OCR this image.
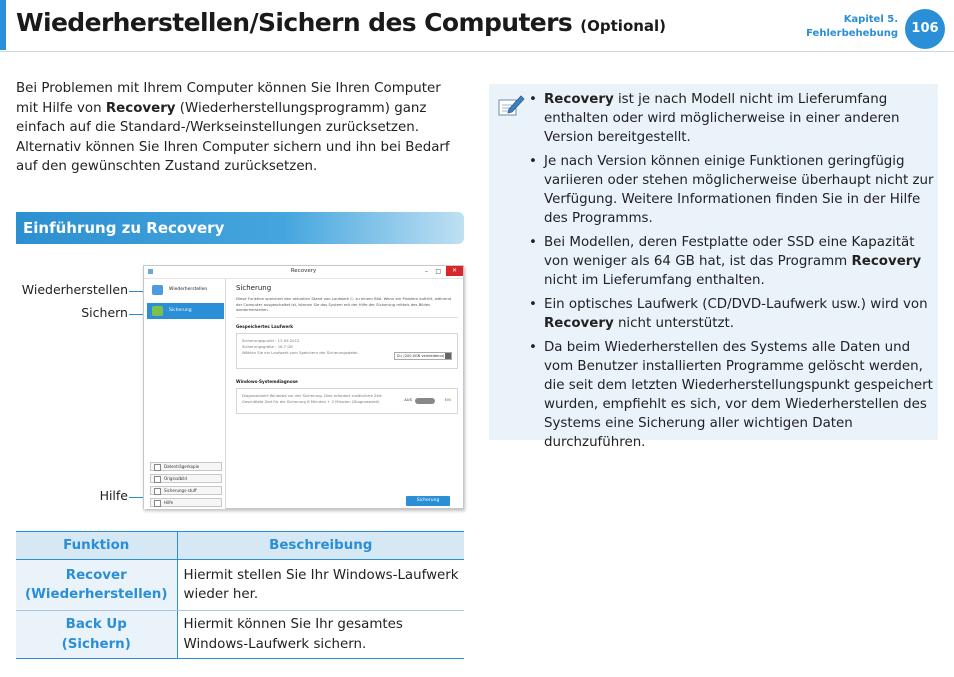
Wiederherstellen/Sichern des Computers (Optional)	Kapitel 5.
Fehlerbehebung	106
Bei Problemen mit Ihrem Computer können Sie Ihren Computer mit Hilfe von Recovery (Wiederherstellungsprogramm) ganz einfach auf die Standard-/Werkseinstellungen zurücksetzen. Alternativ können Sie Ihren Computer sichern und ihn bei Bedarf auf den gewünschten Zustand zurücksetzen.
Einführung zu Recovery
Wiederherstellen
Sichern
Hilfe
Recovery	– □	✕
Wiederherstellen
Sicherung
Datenträgerkopie
Originalbild
Sicherungs-stuff
Hilfe
Sicherung
Diese Funktion speichert den aktuellen Stand von Laufwerk C: zu einem Bild. Wenn ein Problem auftritt, während der Computer ausgeschaltet ist, können Sie das System mit der Hilfe der Sicherung mittels des Bildes wiederherstellen.
Gespeichertes Laufwerk
Sicherungspunkt : 12.09.2012
Sicherungsgröße : 16.7 GB
Wählen Sie ein Laufwerk zum Speichern der Sicherungsdatei.
D:\ (200.0GB verbleibend)
Windows-Systemdiagnose
Diagnostiziert Windows vor der Sicherung. Dies erfordert zusätzliche Zeit. Geschätzte Zeit für die Sicherung 8 Minuten + 2 Minuten (Diagnosezeit)	AUS	EIN
Sicherung
Funktion	Beschreibung

Recover
(Wiederherstellen)	Hiermit stellen Sie Ihr Windows-Laufwerk wieder her.

Back Up
(Sichern)	Hiermit können Sie Ihr gesamtes Windows-Laufwerk sichern.
• Recovery ist je nach Modell nicht im Lieferumfang enthalten oder wird möglicherweise in einer anderen Version bereitgestellt.
• Je nach Version können einige Funktionen geringfügig variieren oder stehen möglicherweise überhaupt nicht zur Verfügung. Weitere Informationen finden Sie in der Hilfe des Programms.
• Bei Modellen, deren Festplatte oder SSD eine Kapazität von weniger als 64 GB hat, ist das Programm Recovery nicht im Lieferumfang enthalten.
• Ein optisches Laufwerk (CD/DVD-Laufwerk usw.) wird von Recovery nicht unterstützt.
• Da beim Wiederherstellen des Systems alle Daten und vom Benutzer installierten Programme gelöscht werden, die seit dem letzten Wiederherstellungspunkt gespeichert wurden, empfiehlt es sich, vor dem Wiederherstellen des Systems eine Sicherung aller wichtigen Daten durchzuführen.
